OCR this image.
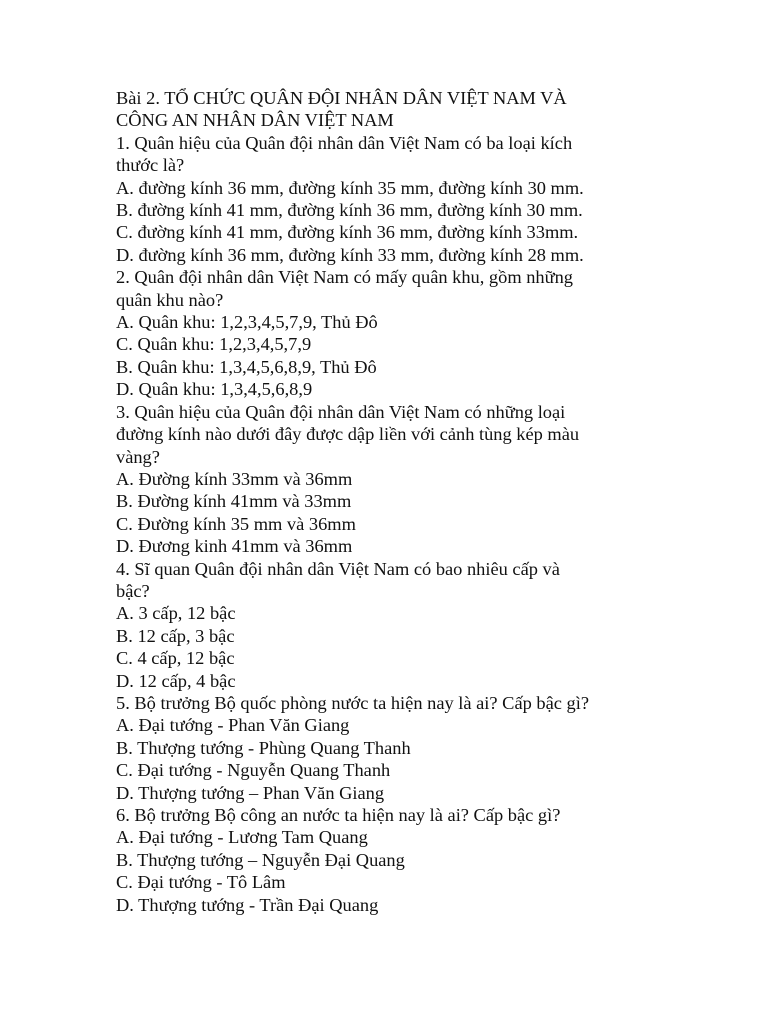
Bài 2. TỔ CHỨC QUÂN ĐỘI NHÂN DÂN VIỆT NAM VÀ
CÔNG AN NHÂN DÂN VIỆT NAM
1. Quân hiệu của Quân đội nhân dân Việt Nam có ba loại kích
thước là?
A. đường kính 36 mm, đường kính 35 mm, đường kính 30 mm.
B. đường kính 41 mm, đường kính 36 mm, đường kính 30 mm.
C. đường kính 41 mm, đường kính 36 mm, đường kính 33mm.
D. đường kính 36 mm, đường kính 33 mm, đường kính 28 mm.
2. Quân đội nhân dân Việt Nam có mấy quân khu, gồm những
quân khu nào?
A. Quân khu: 1,2,3,4,5,7,9, Thủ Đô
C. Quân khu: 1,2,3,4,5,7,9
B. Quân khu: 1,3,4,5,6,8,9, Thủ Đô
D. Quân khu: 1,3,4,5,6,8,9
3. Quân hiệu của Quân đội nhân dân Việt Nam có những loại
đường kính nào dưới đây được dập liền với cảnh tùng kép màu
vàng?
A. Đường kính 33mm và 36mm
B. Đường kính 41mm và 33mm
C. Đường kính 35 mm và 36mm
D. Đương kinh 41mm và 36mm
4. Sĩ quan Quân đội nhân dân Việt Nam có bao nhiêu cấp và
bậc?
A. 3 cấp, 12 bậc
B. 12 cấp, 3 bậc
C. 4 cấp, 12 bậc
D. 12 cấp, 4 bậc
5. Bộ trưởng Bộ quốc phòng nước ta hiện nay là ai? Cấp bậc gì?
A. Đại tướng - Phan Văn Giang
B. Thượng tướng - Phùng Quang Thanh
C. Đại tướng - Nguyễn Quang Thanh
D. Thượng tướng – Phan Văn Giang
6. Bộ trưởng Bộ công an nước ta hiện nay là ai? Cấp bậc gì?
A. Đại tướng - Lương Tam Quang
B. Thượng tướng – Nguyễn Đại Quang
C. Đại tướng - Tô Lâm
D. Thượng tướng - Trần Đại Quang
